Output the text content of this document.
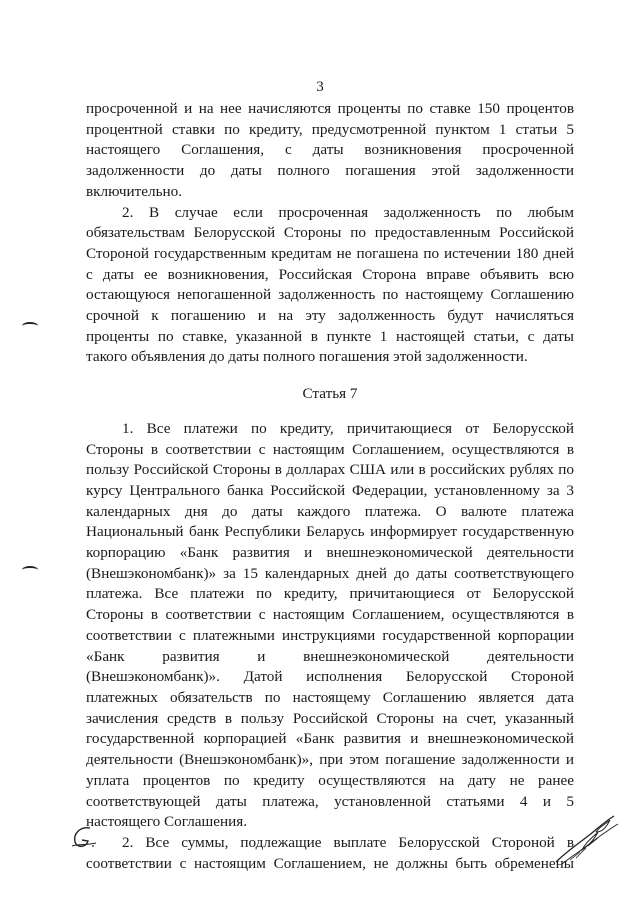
3
просроченной и на нее начисляются проценты по ставке 150 процентов
процентной ставки по кредиту, предусмотренной пунктом 1 статьи 5
настоящего Соглашения, с даты возникновения просроченной
задолженности до даты полного погашения этой задолженности
включительно.
2. В случае если просроченная задолженность по любым
обязательствам Белорусской Стороны по предоставленным Российской
Стороной государственным кредитам не погашена по истечении 180 дней
с даты ее возникновения, Российская Сторона вправе объявить всю
остающуюся непогашенной задолженность по настоящему Соглашению
срочной к погашению и на эту задолженность будут начисляться
проценты по ставке, указанной в пункте 1 настоящей статьи, с даты
такого объявления до даты полного погашения этой задолженности.
Статья 7
1. Все платежи по кредиту, причитающиеся от Белорусской
Стороны в соответствии с настоящим Соглашением, осуществляются в
пользу Российской Стороны в долларах США или в российских рублях по
курсу Центрального банка Российской Федерации, установленному за 3
календарных дня до даты каждого платежа. О валюте платежа
Национальный банк Республики Беларусь информирует государственную
корпорацию «Банк развития и внешнеэкономической деятельности
(Внешэкономбанк)» за 15 календарных дней до даты соответствующего
платежа. Все платежи по кредиту, причитающиеся от Белорусской
Стороны в соответствии с настоящим Соглашением, осуществляются в
соответствии с платежными инструкциями государственной корпорации
«Банк развития и внешнеэкономической деятельности
(Внешэкономбанк)». Датой исполнения Белорусской Стороной
платежных обязательств по настоящему Соглашению является дата
зачисления средств в пользу Российской Стороны на счет, указанный
государственной корпорацией «Банк развития и внешнеэкономической
деятельности (Внешэкономбанк)», при этом погашение задолженности и
уплата процентов по кредиту осуществляются на дату не ранее
соответствующей даты платежа, установленной статьями 4 и 5
настоящего Соглашения.
2. Все суммы, подлежащие выплате Белорусской Стороной в
соответствии с настоящим Соглашением, не должны быть обременены
